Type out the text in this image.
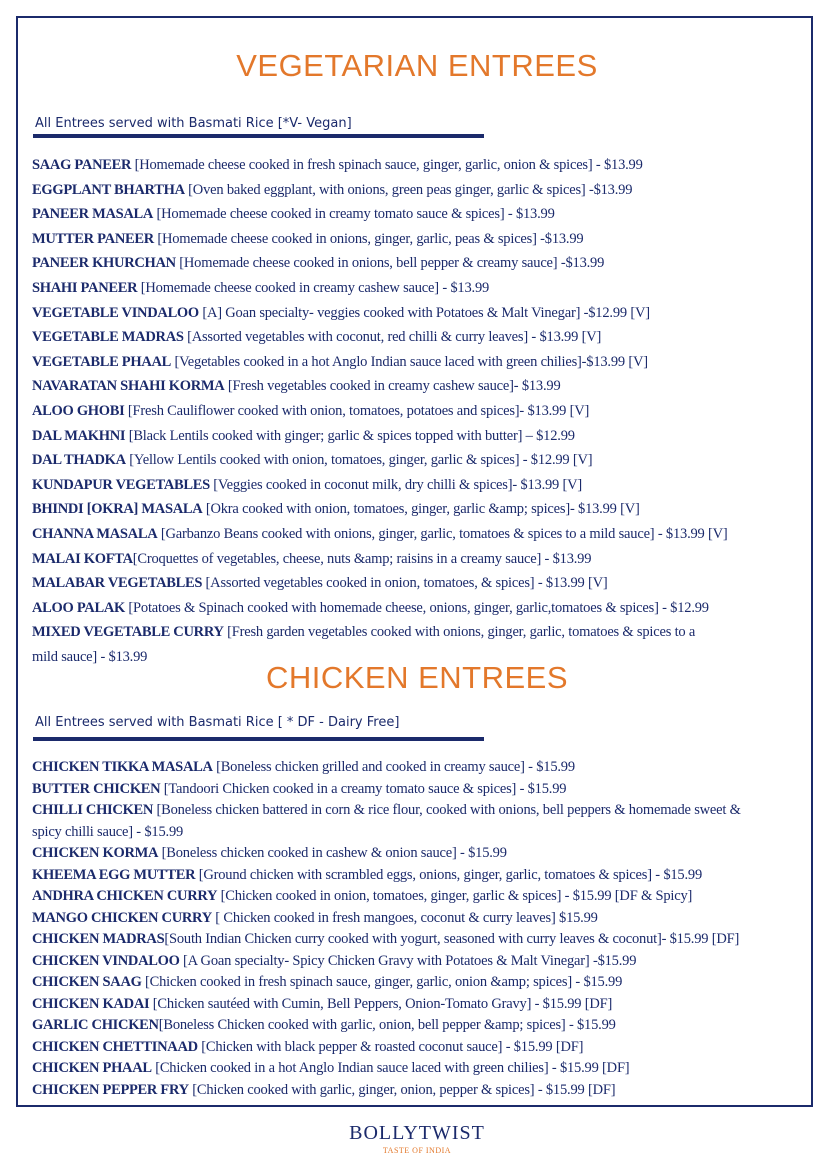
VEGETARIAN ENTREES
All Entrees served with Basmati Rice [*V- Vegan]
SAAG PANEER [Homemade cheese cooked in fresh spinach sauce, ginger, garlic, onion & spices] - $13.99
EGGPLANT BHARTHA [Oven baked eggplant, with onions, green peas ginger, garlic & spices] -$13.99
PANEER MASALA [Homemade cheese cooked in creamy tomato sauce & spices] - $13.99
MUTTER PANEER [Homemade cheese cooked in onions, ginger, garlic, peas & spices] -$13.99
PANEER KHURCHAN [Homemade cheese cooked in onions, bell pepper & creamy sauce] -$13.99
SHAHI PANEER [Homemade cheese cooked in creamy cashew sauce] - $13.99
VEGETABLE VINDALOO [A] Goan specialty- veggies cooked with Potatoes & Malt Vinegar] -$12.99 [V]
VEGETABLE MADRAS [Assorted vegetables with coconut, red chilli & curry leaves] - $13.99 [V]
VEGETABLE PHAAL [Vegetables cooked in a hot Anglo Indian sauce laced with green chilies]-$13.99 [V]
NAVARATAN SHAHI KORMA [Fresh vegetables cooked in creamy cashew sauce]- $13.99
ALOO GHOBI [Fresh Cauliflower cooked with onion, tomatoes, potatoes and spices]- $13.99 [V]
DAL MAKHNI [Black Lentils cooked with ginger; garlic & spices topped with butter] – $12.99
DAL THADKA [Yellow Lentils cooked with onion, tomatoes, ginger, garlic & spices] - $12.99 [V]
KUNDAPUR VEGETABLES [Veggies cooked in coconut milk, dry chilli & spices]- $13.99 [V]
BHINDI [OKRA] MASALA [Okra cooked with onion, tomatoes, ginger, garlic &amp; spices]- $13.99 [V]
CHANNA MASALA [Garbanzo Beans cooked with onions, ginger, garlic, tomatoes & spices to a mild sauce] - $13.99 [V]
MALAI KOFTA[Croquettes of vegetables, cheese, nuts &amp; raisins in a creamy sauce] - $13.99
MALABAR VEGETABLES [Assorted vegetables cooked in onion, tomatoes, & spices] - $13.99 [V]
ALOO PALAK [Potatoes & Spinach cooked with homemade cheese, onions, ginger, garlic,tomatoes & spices] - $12.99
MIXED VEGETABLE CURRY [Fresh garden vegetables cooked with onions, ginger, garlic, tomatoes & spices to a mild sauce] - $13.99
CHICKEN ENTREES
All Entrees served with Basmati Rice [ * DF - Dairy Free]
CHICKEN TIKKA MASALA [Boneless chicken grilled and cooked in creamy sauce] - $15.99
BUTTER CHICKEN [Tandoori Chicken cooked in a creamy tomato sauce & spices] - $15.99
CHILLI CHICKEN [Boneless chicken battered in corn & rice flour, cooked with onions, bell peppers & homemade sweet & spicy chilli sauce] - $15.99
CHICKEN KORMA [Boneless chicken cooked in cashew & onion sauce] - $15.99
KHEEMA EGG MUTTER [Ground chicken with scrambled eggs, onions, ginger, garlic, tomatoes & spices] - $15.99
ANDHRA CHICKEN CURRY [Chicken cooked in onion, tomatoes, ginger, garlic & spices] - $15.99 [DF & Spicy]
MANGO CHICKEN CURRY [ Chicken cooked in fresh mangoes, coconut & curry leaves] $15.99
CHICKEN MADRAS[South Indian Chicken curry cooked with yogurt, seasoned with curry leaves & coconut]- $15.99 [DF]
CHICKEN VINDALOO [A Goan specialty- Spicy Chicken Gravy with Potatoes & Malt Vinegar] -$15.99
CHICKEN SAAG [Chicken cooked in fresh spinach sauce, ginger, garlic, onion &amp; spices] - $15.99
CHICKEN KADAI [Chicken sautéed with Cumin, Bell Peppers, Onion-Tomato Gravy] - $15.99 [DF]
GARLIC CHICKEN[Boneless Chicken cooked with garlic, onion, bell pepper &amp; spices] - $15.99
CHICKEN CHETTINAAD [Chicken with black pepper & roasted coconut sauce] - $15.99 [DF]
CHICKEN PHAAL [Chicken cooked in a hot Anglo Indian sauce laced with green chilies] - $15.99 [DF]
CHICKEN PEPPER FRY [Chicken cooked with garlic, ginger, onion, pepper & spices] - $15.99 [DF]
BOLLYTWIST
TASTE OF INDIA
